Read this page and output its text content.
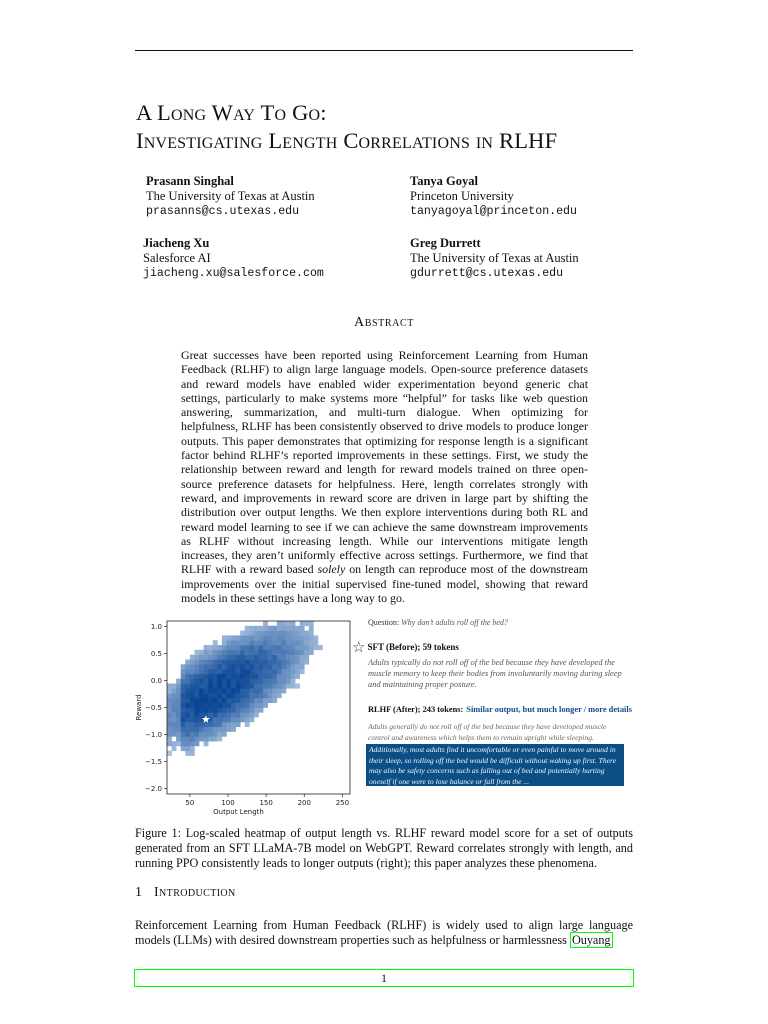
A Long Way To Go:
Investigating Length Correlations in RLHF
Prasann Singhal
The University of Texas at Austin
prasanns@cs.utexas.edu
Tanya Goyal
Princeton University
tanyagoyal@princeton.edu
Jiacheng Xu
Salesforce AI
jiacheng.xu@salesforce.com
Greg Durrett
The University of Texas at Austin
gdurrett@cs.utexas.edu
Abstract
Great successes have been reported using Reinforcement Learning from Human Feedback (RLHF) to align large language models. Open-source preference datasets and reward models have enabled wider experimentation beyond generic chat settings, particularly to make systems more “helpful” for tasks like web question answering, summarization, and multi-turn dialogue. When optimizing for helpfulness, RLHF has been consistently observed to drive models to produce longer outputs. This paper demonstrates that optimizing for response length is a significant factor behind RLHF’s reported improvements in these settings. First, we study the relationship between reward and length for reward models trained on three open-source preference datasets for helpfulness. Here, length correlates strongly with reward, and improvements in reward score are driven in large part by shifting the distribution over output lengths. We then explore interventions during both RL and reward model learning to see if we can achieve the same downstream improvements as RLHF without increasing length. While our interventions mitigate length increases, they aren’t uniformly effective across settings. Furthermore, we find that RLHF with a reward based solely on length can reproduce most of the downstream improvements over the initial supervised fine-tuned model, showing that reward models in these settings have a long way to go.
50	100	150	200	250
1.0
0.5
0.0
−0.5
−1.0
−1.5
−2.0
Output Length
Reward
Question: Why don’t adults roll off the bed?
☆ SFT (Before); 59 tokens
Adults typically do not roll off of the bed because they have developed the muscle memory to keep their bodies from involuntarily moving during sleep and maintaining proper posture.
RLHF (After); 243 tokens: Similar output, but much longer / more details
Adults generally do not roll off of the bed because they have developed muscle control and awareness which helps them to remain upright while sleeping.
Additionally, most adults find it uncomfortable or even painful to move around in their sleep, so rolling off the bed would be difficult without waking up first. There may also be safety concerns such as falling out of bed and potentially hurting oneself if one were to lose balance or fall from the ...
Figure 1: Log-scaled heatmap of output length vs. RLHF reward model score for a set of outputs generated from an SFT LLaMA-7B model on WebGPT. Reward correlates strongly with length, and running PPO consistently leads to longer outputs (right); this paper analyzes these phenomena.
1 Introduction
Reinforcement Learning from Human Feedback (RLHF) is widely used to align large language models (LLMs) with desired downstream properties such as helpfulness or harmlessness Ouyang
1
